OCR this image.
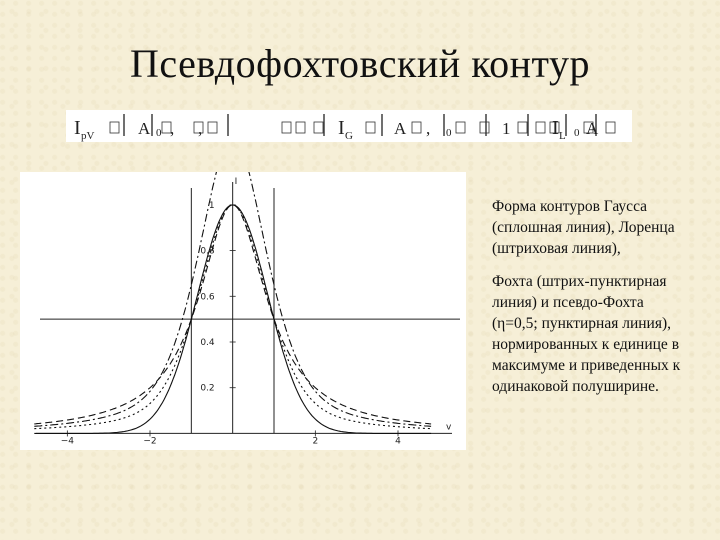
Псевдофохтовский контур
I pV	A ,
0 ,	I G A , 0	1 I L A
0
I
v
0.2
0.4
0.6
0.8
1
−4	−2	2	4

Форма контуров Гаусса (сплошная линия), Лоренца (штриховая линия),

Фохта (штрих-пунктирная линия) и псевдо-Фохта (η=0,5; пунктирная линия), нормированных к единице в максимуме и приведенных к одинаковой полуширине.
